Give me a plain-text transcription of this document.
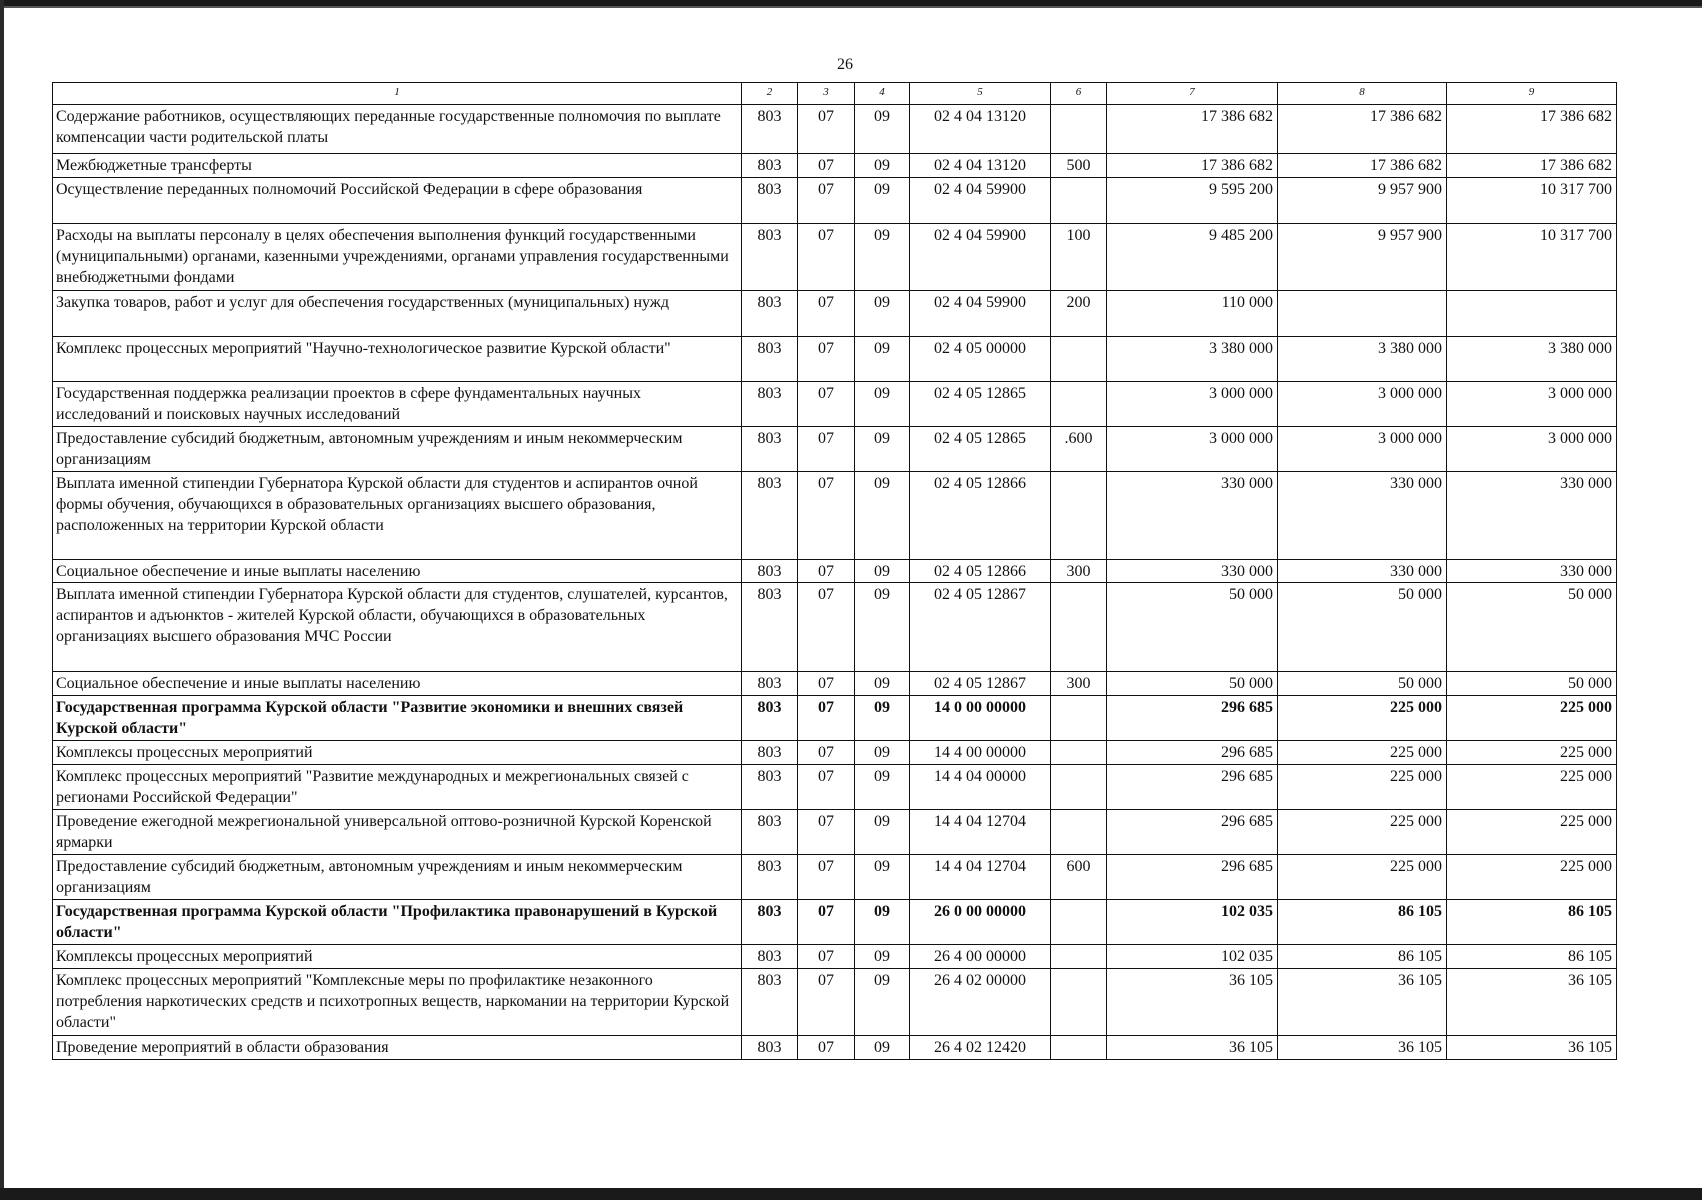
26
1	2	3	4	5	6	7	8	9
Содержание работников, осуществляющих переданные государственные полномочия по выплате компенсации части родительской платы	803	07	09	02 4 04 13120		17 386 682	17 386 682	17 386 682
Межбюджетные трансферты	803	07	09	02 4 04 13120	500	17 386 682	17 386 682	17 386 682
Осуществление переданных полномочий Российской Федерации в сфере образования	803	07	09	02 4 04 59900		9 595 200	9 957 900	10 317 700
Расходы на выплаты персоналу в целях обеспечения выполнения функций государственными (муниципальными) органами, казенными учреждениями, органами управления государственными внебюджетными фондами	803	07	09	02 4 04 59900	100	9 485 200	9 957 900	10 317 700
Закупка товаров, работ и услуг для обеспечения государственных (муниципальных) нужд	803	07	09	02 4 04 59900	200	110 000		
Комплекс процессных мероприятий "Научно-технологическое развитие Курской области"	803	07	09	02 4 05 00000		3 380 000	3 380 000	3 380 000
Государственная поддержка реализации проектов в сфере фундаментальных научных исследований и поисковых научных исследований	803	07	09	02 4 05 12865		3 000 000	3 000 000	3 000 000
Предоставление субсидий бюджетным, автономным учреждениям и иным некоммерческим организациям	803	07	09	02 4 05 12865	.600	3 000 000	3 000 000	3 000 000
Выплата именной стипендии Губернатора Курской области для студентов и аспирантов очной формы обучения, обучающихся в образовательных организациях высшего образования, расположенных на территории Курской области	803	07	09	02 4 05 12866		330 000	330 000	330 000
Социальное обеспечение и иные выплаты населению	803	07	09	02 4 05 12866	300	330 000	330 000	330 000
Выплата именной стипендии Губернатора Курской области для студентов, слушателей, курсантов, аспирантов и адъюнктов - жителей Курской области, обучающихся в образовательных организациях высшего образования МЧС России	803	07	09	02 4 05 12867		50 000	50 000	50 000
Социальное обеспечение и иные выплаты населению	803	07	09	02 4 05 12867	300	50 000	50 000	50 000
Государственная программа Курской области "Развитие экономики и внешних связей Курской области"	803	07	09	14 0 00 00000		296 685	225 000	225 000
Комплексы процессных мероприятий	803	07	09	14 4 00 00000		296 685	225 000	225 000
Комплекс процессных мероприятий "Развитие международных и межрегиональных связей с регионами Российской Федерации"	803	07	09	14 4 04 00000		296 685	225 000	225 000
Проведение ежегодной межрегиональной универсальной оптово-розничной Курской Коренской ярмарки	803	07	09	14 4 04 12704		296 685	225 000	225 000
Предоставление субсидий бюджетным, автономным учреждениям и иным некоммерческим организациям	803	07	09	14 4 04 12704	600	296 685	225 000	225 000
Государственная программа Курской области "Профилактика правонарушений в Курской области"	803	07	09	26 0 00 00000		102 035	86 105	86 105
Комплексы процессных мероприятий	803	07	09	26 4 00 00000		102 035	86 105	86 105
Комплекс процессных мероприятий "Комплексные меры по профилактике незаконного потребления наркотических средств и психотропных веществ, наркомании на территории Курской области"	803	07	09	26 4 02 00000		36 105	36 105	36 105
Проведение мероприятий в области образования	803	07	09	26 4 02 12420		36 105	36 105	36 105
